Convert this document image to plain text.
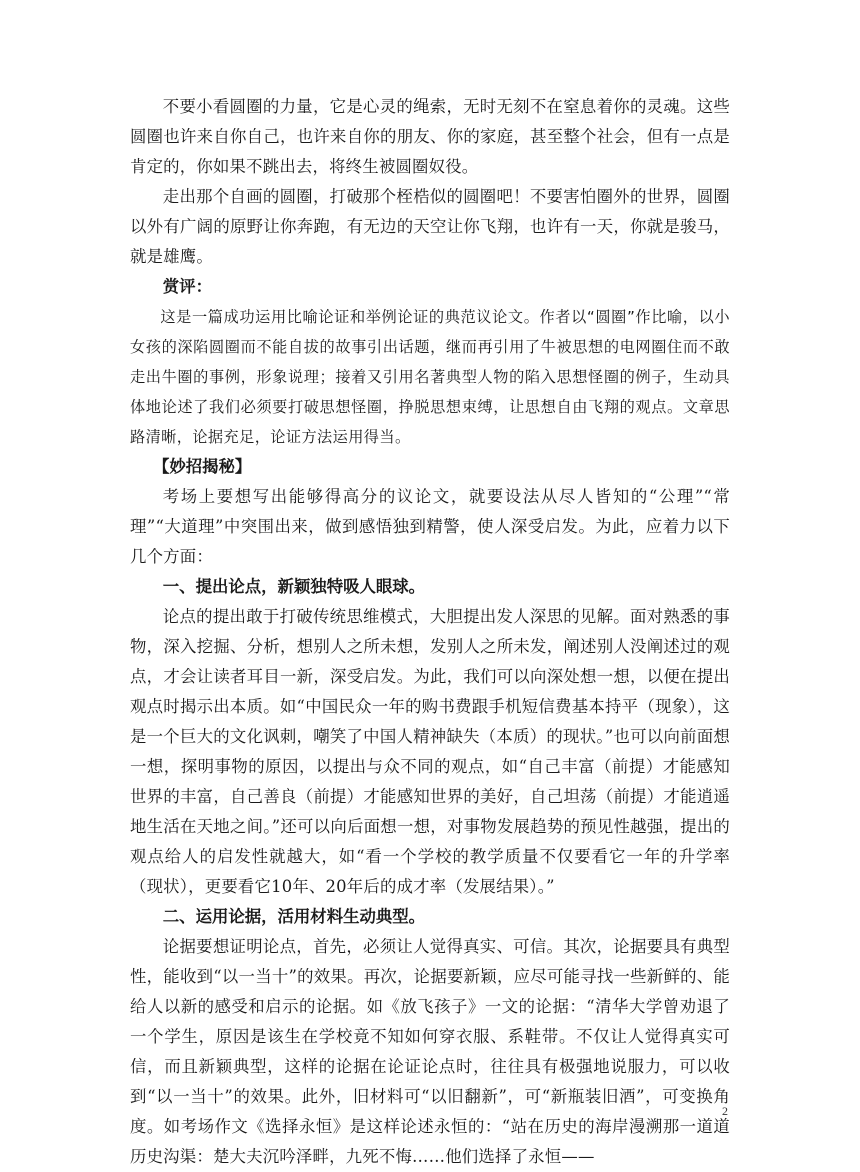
不要小看圆圈的力量，它是心灵的绳索，无时无刻不在窒息着你的灵魂。这些圆圈也许来自你自己，也许来自你的朋友、你的家庭，甚至整个社会，但有一点是肯定的，你如果不跳出去，将终生被圆圈奴役。

走出那个自画的圆圈，打破那个桎梏似的圆圈吧！不要害怕圈外的世界，圆圈以外有广阔的原野让你奔跑，有无边的天空让你飞翔，也许有一天，你就是骏马，就是雄鹰。

赏评：

这是一篇成功运用比喻论证和举例论证的典范议论文。作者以“圆圈”作比喻，以小女孩的深陷圆圈而不能自拔的故事引出话题，继而再引用了牛被思想的电网圈住而不敢走出牛圈的事例，形象说理；接着又引用名著典型人物的陷入思想怪圈的例子，生动具体地论述了我们必须要打破思想怪圈，挣脱思想束缚，让思想自由飞翔的观点。文章思路清晰，论据充足，论证方法运用得当。

【妙招揭秘】

考场上要想写出能够得高分的议论文，就要设法从尽人皆知的“公理”“常理”“大道理”中突围出来，做到感悟独到精警，使人深受启发。为此，应着力以下几个方面：

一、提出论点，新颖独特吸人眼球。

论点的提出敢于打破传统思维模式，大胆提出发人深思的见解。面对熟悉的事物，深入挖掘、分析，想别人之所未想，发别人之所未发，阐述别人没阐述过的观点，才会让读者耳目一新，深受启发。为此，我们可以向深处想一想，以便在提出观点时揭示出本质。如“中国民众一年的购书费跟手机短信费基本持平（现象），这是一个巨大的文化讽刺，嘲笑了中国人精神缺失（本质）的现状。”也可以向前面想一想，探明事物的原因，以提出与众不同的观点，如“自己丰富（前提）才能感知世界的丰富，自己善良（前提）才能感知世界的美好，自己坦荡（前提）才能逍遥地生活在天地之间。”还可以向后面想一想，对事物发展趋势的预见性越强，提出的观点给人的启发性就越大，如“看一个学校的教学质量不仅要看它一年的升学率（现状），更要看它10年、20年后的成才率（发展结果）。”

二、运用论据，活用材料生动典型。

论据要想证明论点，首先，必须让人觉得真实、可信。其次，论据要具有典型性，能收到“以一当十”的效果。再次，论据要新颖，应尽可能寻找一些新鲜的、能给人以新的感受和启示的论据。如《放飞孩子》一文的论据：“清华大学曾劝退了一个学生，原因是该生在学校竟不知如何穿衣服、系鞋带。不仅让人觉得真实可信，而且新颖典型，这样的论据在论证论点时，往往具有极强地说服力，可以收到“以一当十”的效果。此外，旧材料可“以旧翻新”，可“新瓶装旧酒”，可变换角度。如考场作文《选择永恒》是这样论述永恒的：“站在历史的海岸漫溯那一道道历史沟渠：楚大夫沉吟泽畔，九死不悔……他们选择了永恒——

2
